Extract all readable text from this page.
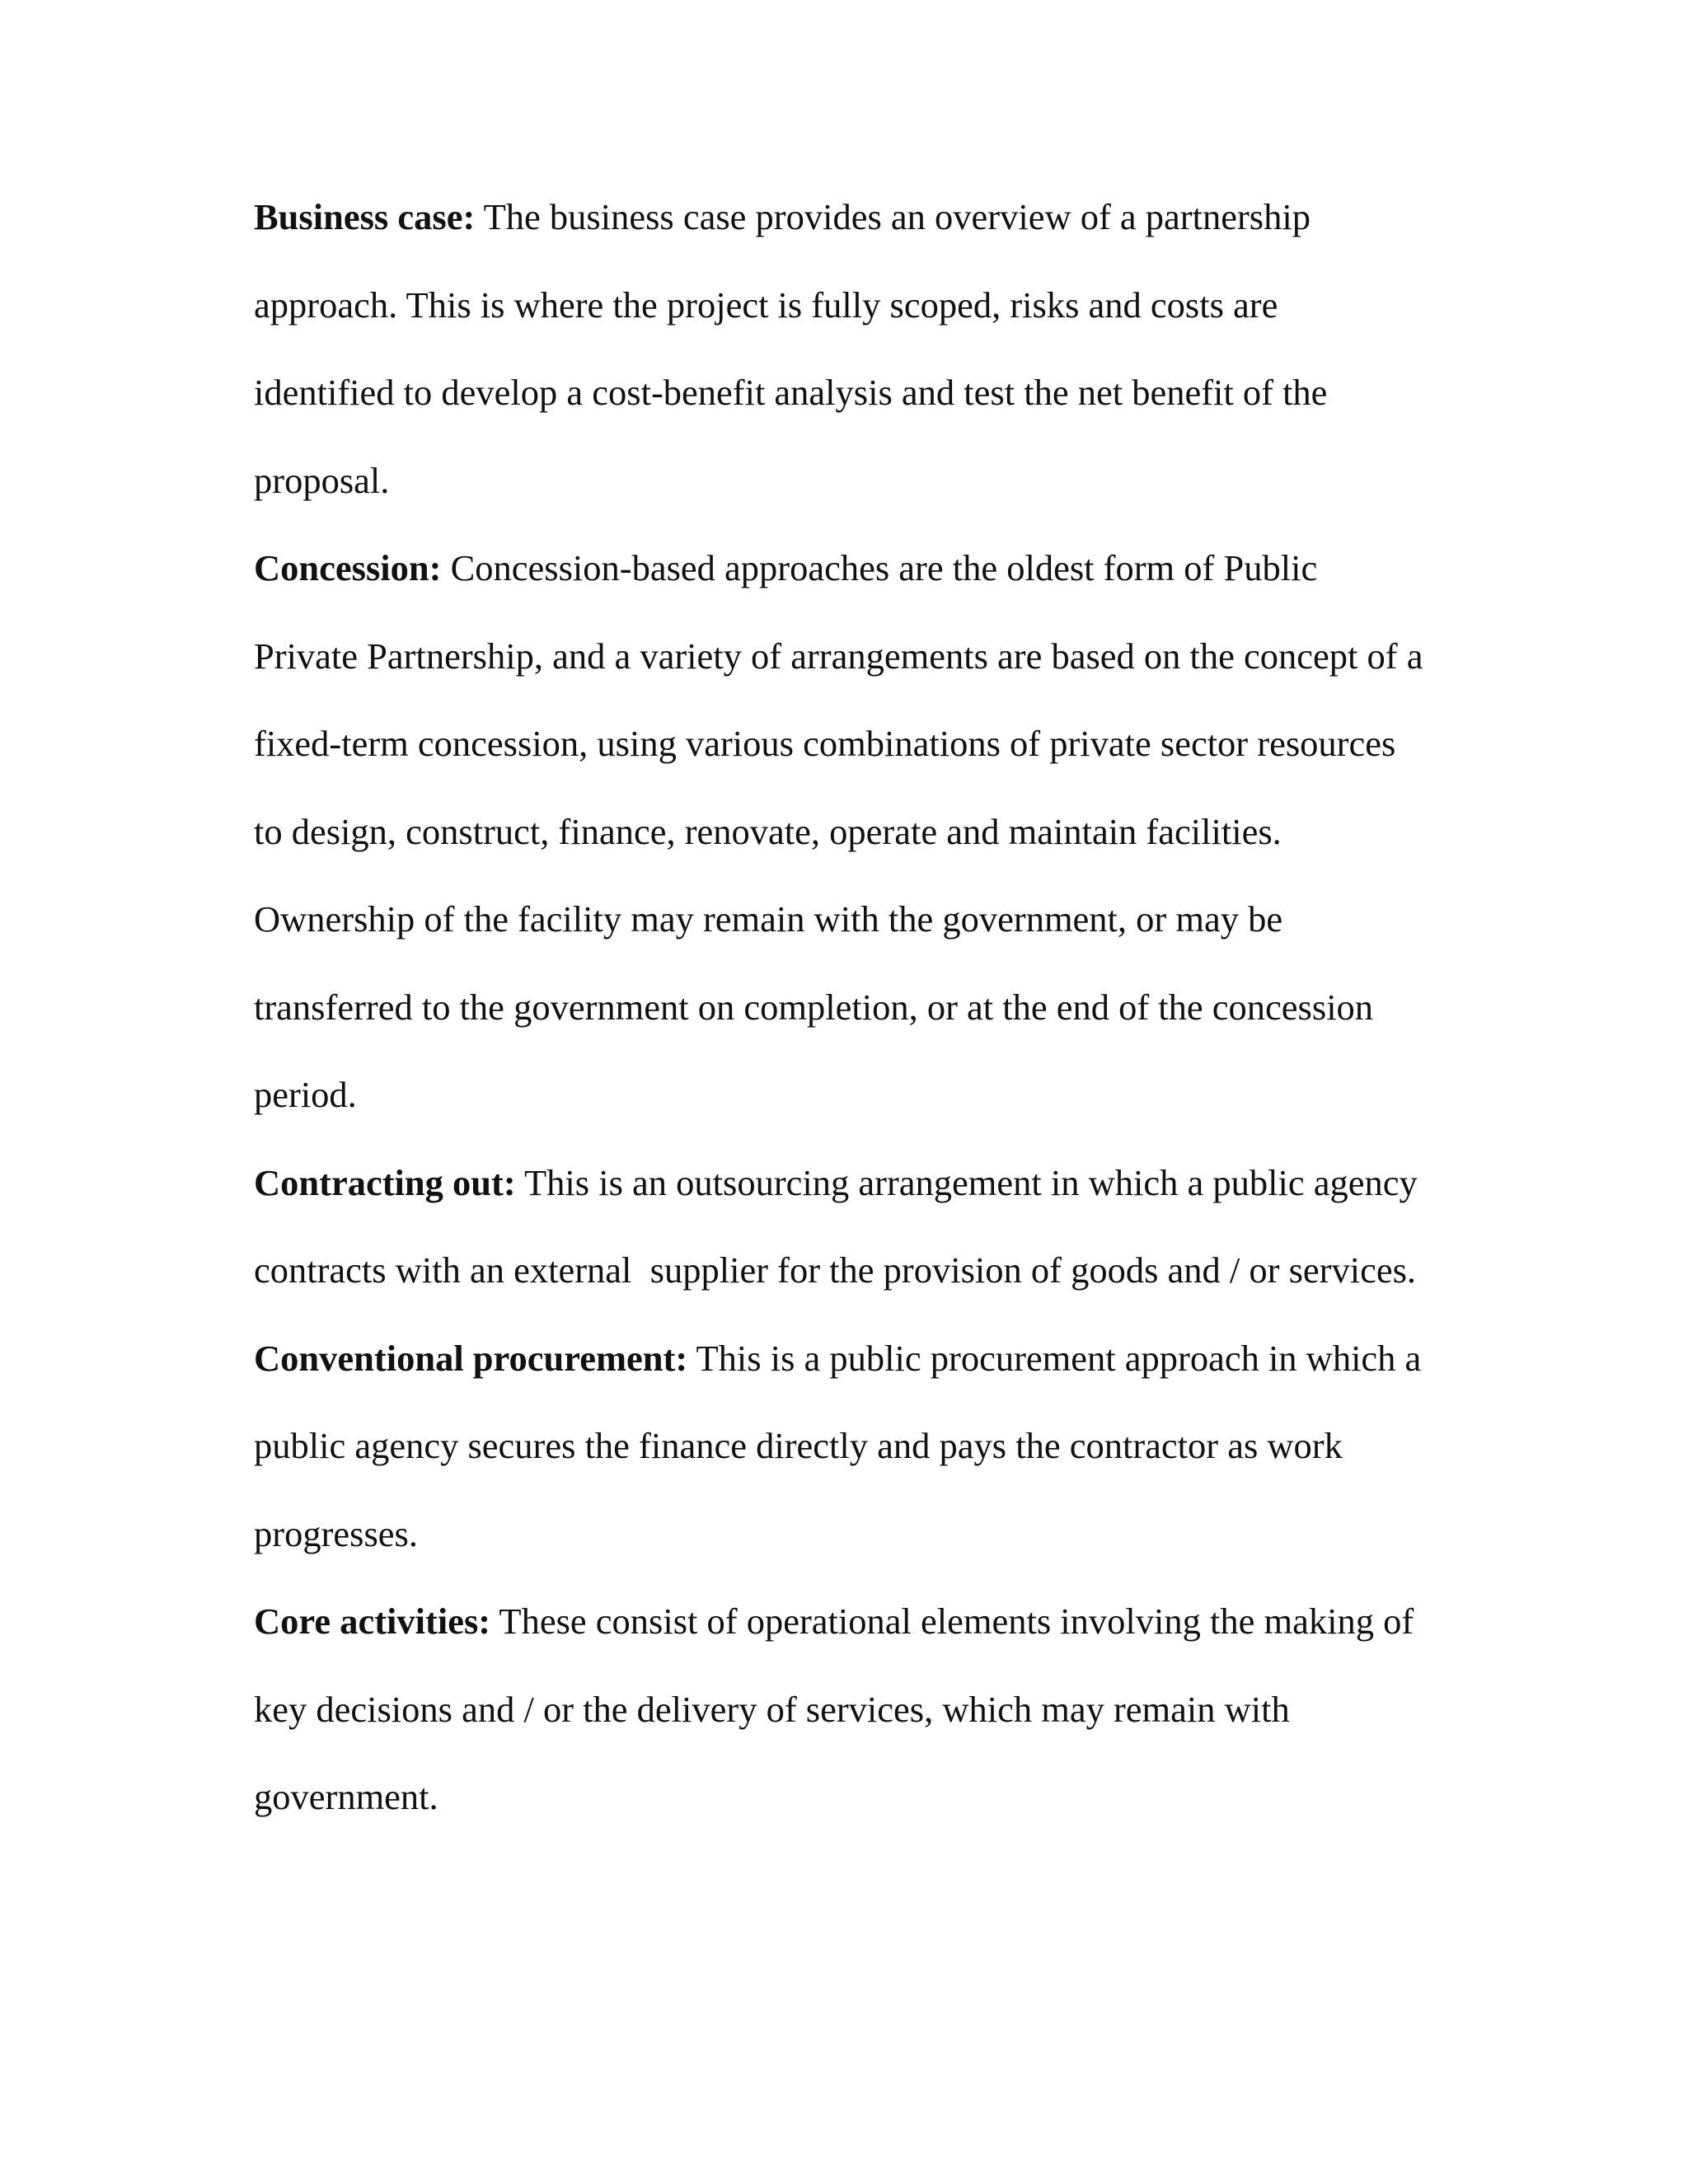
Business case: The business case provides an overview of a partnership
approach. This is where the project is fully scoped, risks and costs are
identified to develop a cost-benefit analysis and test the net benefit of the
proposal.
Concession: Concession-based approaches are the oldest form of Public
Private Partnership, and a variety of arrangements are based on the concept of a
fixed-term concession, using various combinations of private sector resources
to design, construct, finance, renovate, operate and maintain facilities.
Ownership of the facility may remain with the government, or may be
transferred to the government on completion, or at the end of the concession
period.
Contracting out: This is an outsourcing arrangement in which a public agency
contracts with an external  supplier for the provision of goods and / or services.
Conventional procurement: This is a public procurement approach in which a
public agency secures the finance directly and pays the contractor as work
progresses.
Core activities: These consist of operational elements involving the making of
key decisions and / or the delivery of services, which may remain with
government.
